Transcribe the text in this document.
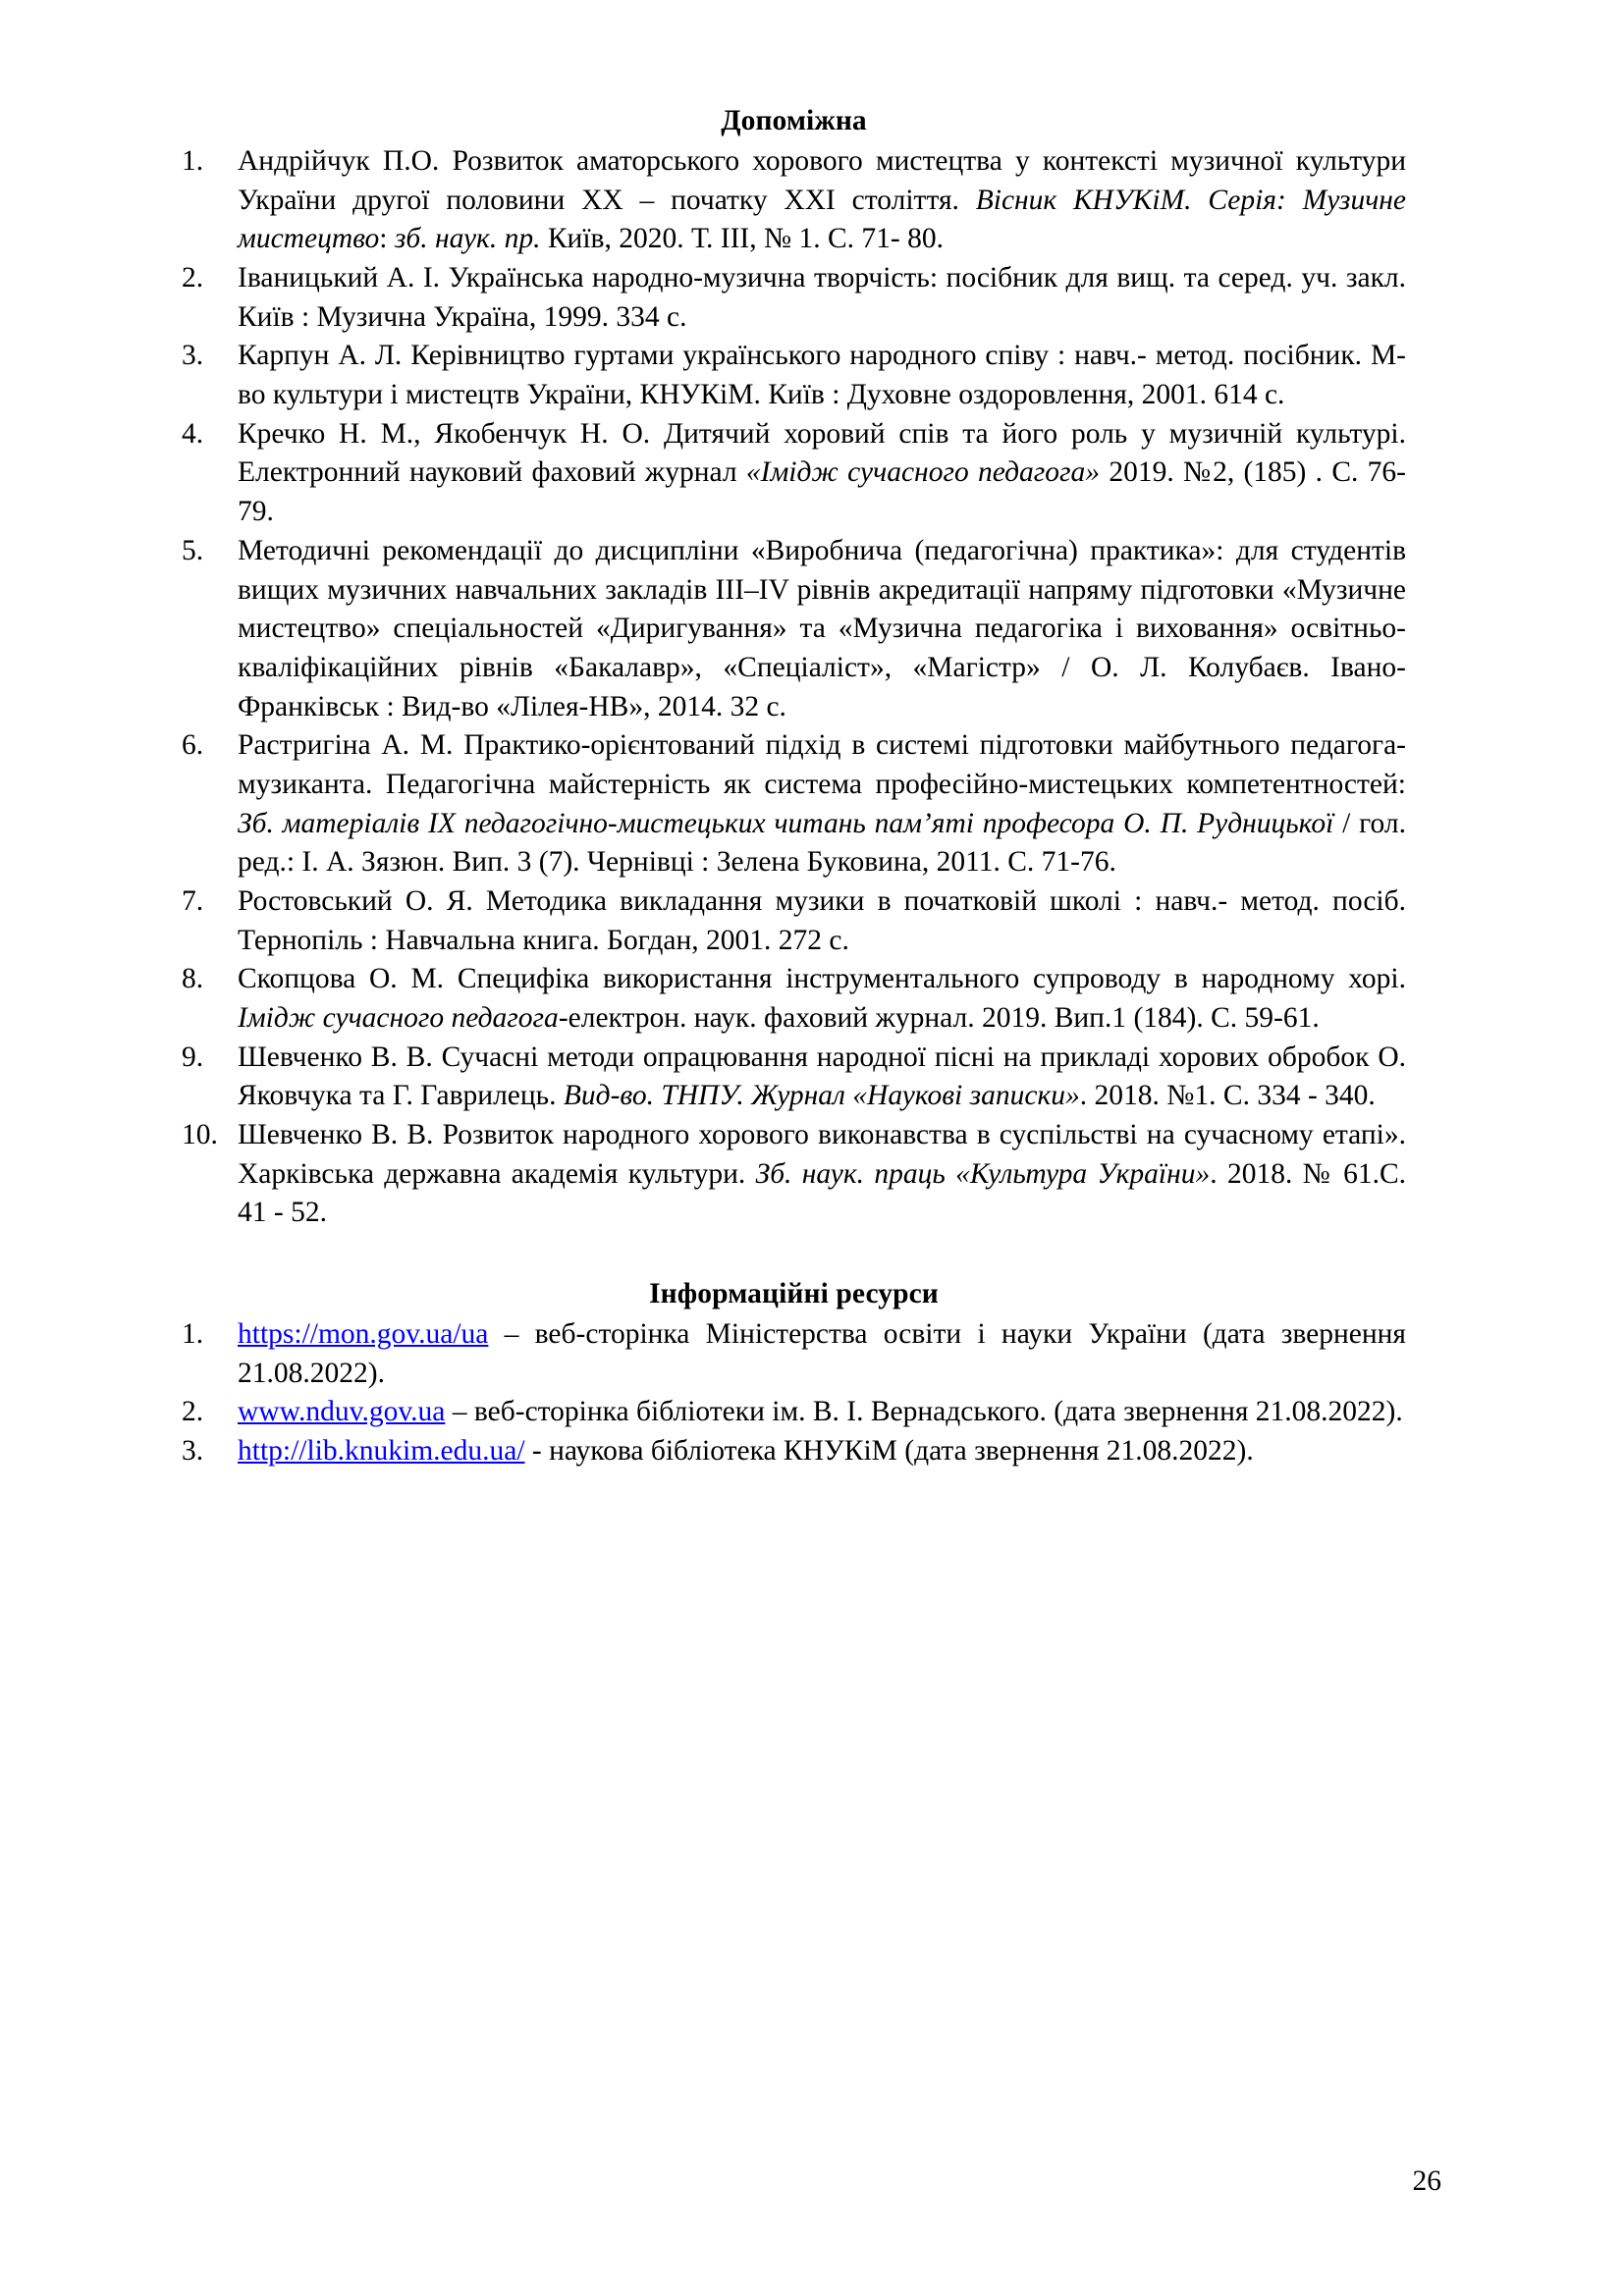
Допоміжна
Андрійчук П.О. Розвиток аматорського хорового мистецтва у контексті музичної культури України другої половини XX – початку XXI століття. Вісник КНУКіМ. Серія: Музичне мистецтво: зб. наук. пр. Київ, 2020. Т. III, № 1. С. 71- 80.
Іваницький А. І. Українська народно-музична творчість: посібник для вищ. та серед. уч. закл. Київ : Музична Україна, 1999. 334 с.
Карпун А. Л. Керівництво гуртами українського народного співу : навч.- метод. посібник. М-во культури і мистецтв України, КНУКіМ. Київ : Духовне оздоровлення, 2001. 614 с.
Кречко Н. М., Якобенчук Н. О. Дитячий хоровий спів та його роль у музичній культурі. Електронний науковий фаховий журнал «Імідж сучасного педагога» 2019. №2, (185) . С. 76-79.
Методичні рекомендації до дисципліни «Виробнича (педагогічна) практика»: для студентів вищих музичних навчальних закладів III–IV рівнів акредитації напряму підготовки «Музичне мистецтво» спеціальностей «Диригування» та «Музична педагогіка і виховання» освітньо-кваліфікаційних рівнів «Бакалавр», «Спеціаліст», «Магістр» / О. Л. Колубаєв. Івано-Франківськ : Вид-во «Лілея-НВ», 2014. 32 с.
Растригіна А. М. Практико-орієнтований підхід в системі підготовки майбутнього педагога-музиканта. Педагогічна майстерність як система професійно-мистецьких компетентностей: Зб. матеріалів IX педагогічно-мистецьких читань пам’яті професора О. П. Рудницької / гол. ред.: І. А. Зязюн. Вип. 3 (7). Чернівці : Зелена Буковина, 2011. С. 71-76.
Ростовський О. Я. Методика викладання музики в початковій школі : навч.- метод. посіб. Тернопіль : Навчальна книга. Богдан, 2001. 272 с.
Скопцова О. М. Специфіка використання інструментального супроводу в народному хорі. Імідж сучасного педагога-електрон. наук. фаховий журнал. 2019. Вип.1 (184). С. 59-61.
Шевченко В. В. Сучасні методи опрацювання народної пісні на прикладі хорових обробок О. Яковчука та Г. Гаврилець. Вид-во. ТНПУ. Журнал «Наукові записки». 2018. №1. С. 334 - 340.
Шевченко В. В. Розвиток народного хорового виконавства в суспільстві на сучасному етапі». Харківська державна академія культури. Зб. наук. праць «Культура України». 2018. № 61.С. 41 - 52.
Інформаційні ресурси
https://mon.gov.ua/ua – веб-сторінка Міністерства освіти і науки України (дата звернення 21.08.2022).
www.nduv.gov.ua – веб-сторінка бібліотеки ім. В. І. Вернадського. (дата звернення 21.08.2022).
http://lib.knukim.edu.ua/ - наукова бібліотека КНУКіМ (дата звернення 21.08.2022).
26
